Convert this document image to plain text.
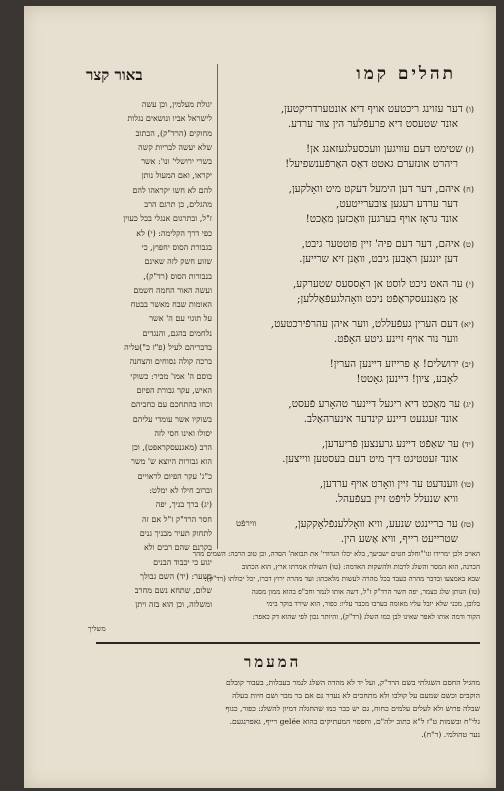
תהלים קמו
באור קצר
(ו)דער עזוינג ריכטעט אויף דיא אונטערדריקטען,
אונד שטעסט דיא פרעפֿלער הין צור ערדע.
(ז)שטימט דעם עוויגען וועכסעלגעזאנג אן!
ריהרט אונזערם גאטט דאַס האַרפֿענשפיעל!
(ח)איהם, דער דען הימעל דעקט מיט וואָלקען,
דער ערדע רעגען צובערייטעט,
אונד גראָז אויף בערגען וואַכזען מאַכט!
(ט)איהם, דער דעם פיה' זיין פוטטער גיבט,
דען יונגען ראַבען גיבט, וואַנן זיא שרייען.
(י)ער האט ניכט לוסט אן ראָססעס שטערקע,
אַן מאַננעסקראַפֿט ניכט וואָהלגעפֿאַללען;
(יא)דעם הערין געפֿעללט, ווער איהן עהרפֿירכטעט,
ווער נור אויף זיינע גיטע האָפֿט.
(יב)ירושלים! אָ פרייזע דיינען הערין!
לאָבע, ציון! דיינען גאָטט!
(יג)ער מאַכט דיא ריגעל דיינער טהאָרע פֿעסט,
אונד זעגנעט דיינע קינדער אינערהאַלב.
(יד)ער שאַפֿט דיינע גרענצען פֿריעדען,
אונד זעטטיגט דיך מיט דעם בעסטען ווייצען.
(טו)ווענדעט ער זיין וואָרט אויף ערדען,
וויא שנעלל לויפֿט זיין בעפֿעהל.
(טז)ער בריינגט שנעע, וויא וואָללענפֿלאָקקען,
שטרייעט רייף, וויא אַשע הין.
ווירפֿט
יגולת מעלמין, וכן עשה
לישראל אביו ונושאים נגלות
מחוקים (הרד"ק), הכתוב
שלא יעשה לבריות קשה
בשרי ירושלי' ונו': אשר
יקראו, ואם המעול נותן
להם לא חשו יקראהו להם
מהגלים, כן תרגם הרב
ז"ל, ובתרגום אנגלי בכל כעוין
כפי דרך הקלימה: (י) לא
בגבורת הסוס יחפוץ, כי
שזוע חשק לזה שאינם
בנבורות הסוס (רד"ק),
ועשה האור החמה חשמם
האומות שבח מאשר בבטח
על תוגוי עם ה' אשר
נלחמים בהגם, והנגדים
בדבריהם לעיל (פ"ז כ")עליה
ברכה קולה נסוחים והצחנה
בוסם ה' אמו' מכיר: כשוקי
האיש, עקר גבורת הפיזם
וכחו בהתחכם עם כחביהם
בשוקיו אשר עומדי עליהם
יסולו ואינו חסי לזה
הרב (מאגנעסקראפט), וכן
הוא גבורות היוצא ש' משר
כ"ג' עקר הפיום לראויים
וברוב חילו לא ימלט:
(יג) ברך בניך, יפה
חסר הרד"ק ז"ל אם זה
לתחוק תעיר מבניך גנים
בקרנם שהם רבים ולא
יגוע כי יכבוד הבנים
בשער: (יד) השם גבולך
שלום, שתחא נשם מחרב
ומשלוה, וכן הוא בזה ויתן
האויב ולכן ימרידו ונו'"וחלב חטים ישביעך, בלא יכלו הגדודי' את תבואה' הסדה, וכן טוב הרבה: השמים מהר
הכרנה, הוא המסר והשלג לרבות ולהשקות האדמה: (טו) השולח אמרתו ארץ, הוא הכתוב
שבא באמצעו ובדבר מהרה כעבד בכל מהרה לעשות מלאכתו: ועד מהרה ירוץ דברו, יכל יכולתו (רד"ק):
(טו) הנותן שלג כצמר, יפה חשר הרד"ק ז"ל, דשה אותו לנמר וחכ"פ בהוא ממון מסנה
בלובן, מכני שלא יובל עליו מאומה בערבו מכבר עליו: כפור, הוא שירד בוקר בימי
הקור ודמה אותו לאפר שאינו לבן כמו השלג (רד"ק), והיותר נכון לפי שהוא דק כאפר:
משליך
המעמר
מהגיל החסם השגלתי בשם הרד"ק, ועל יד לא מהדה השלג לנמר בעבלות, בעבור קובלם
הוקבים וכשם שמעם על קולבו ולא מתחכים לא נעדר גם אם בר מבר ושם חיות בעלה
שבלה פרוש ולא לעלים עלמים כחוח, גם יש כבר כמו שהחגלה דמיון להשלג: כפור, כגוף
גלי"ח ובשמות ט"ז ל"א כתוב ילה"ם, וחפפוי המעתיקים בהוא gelée רייף, גאפרנגעם.
נער טהולמי. (ר"ח).
